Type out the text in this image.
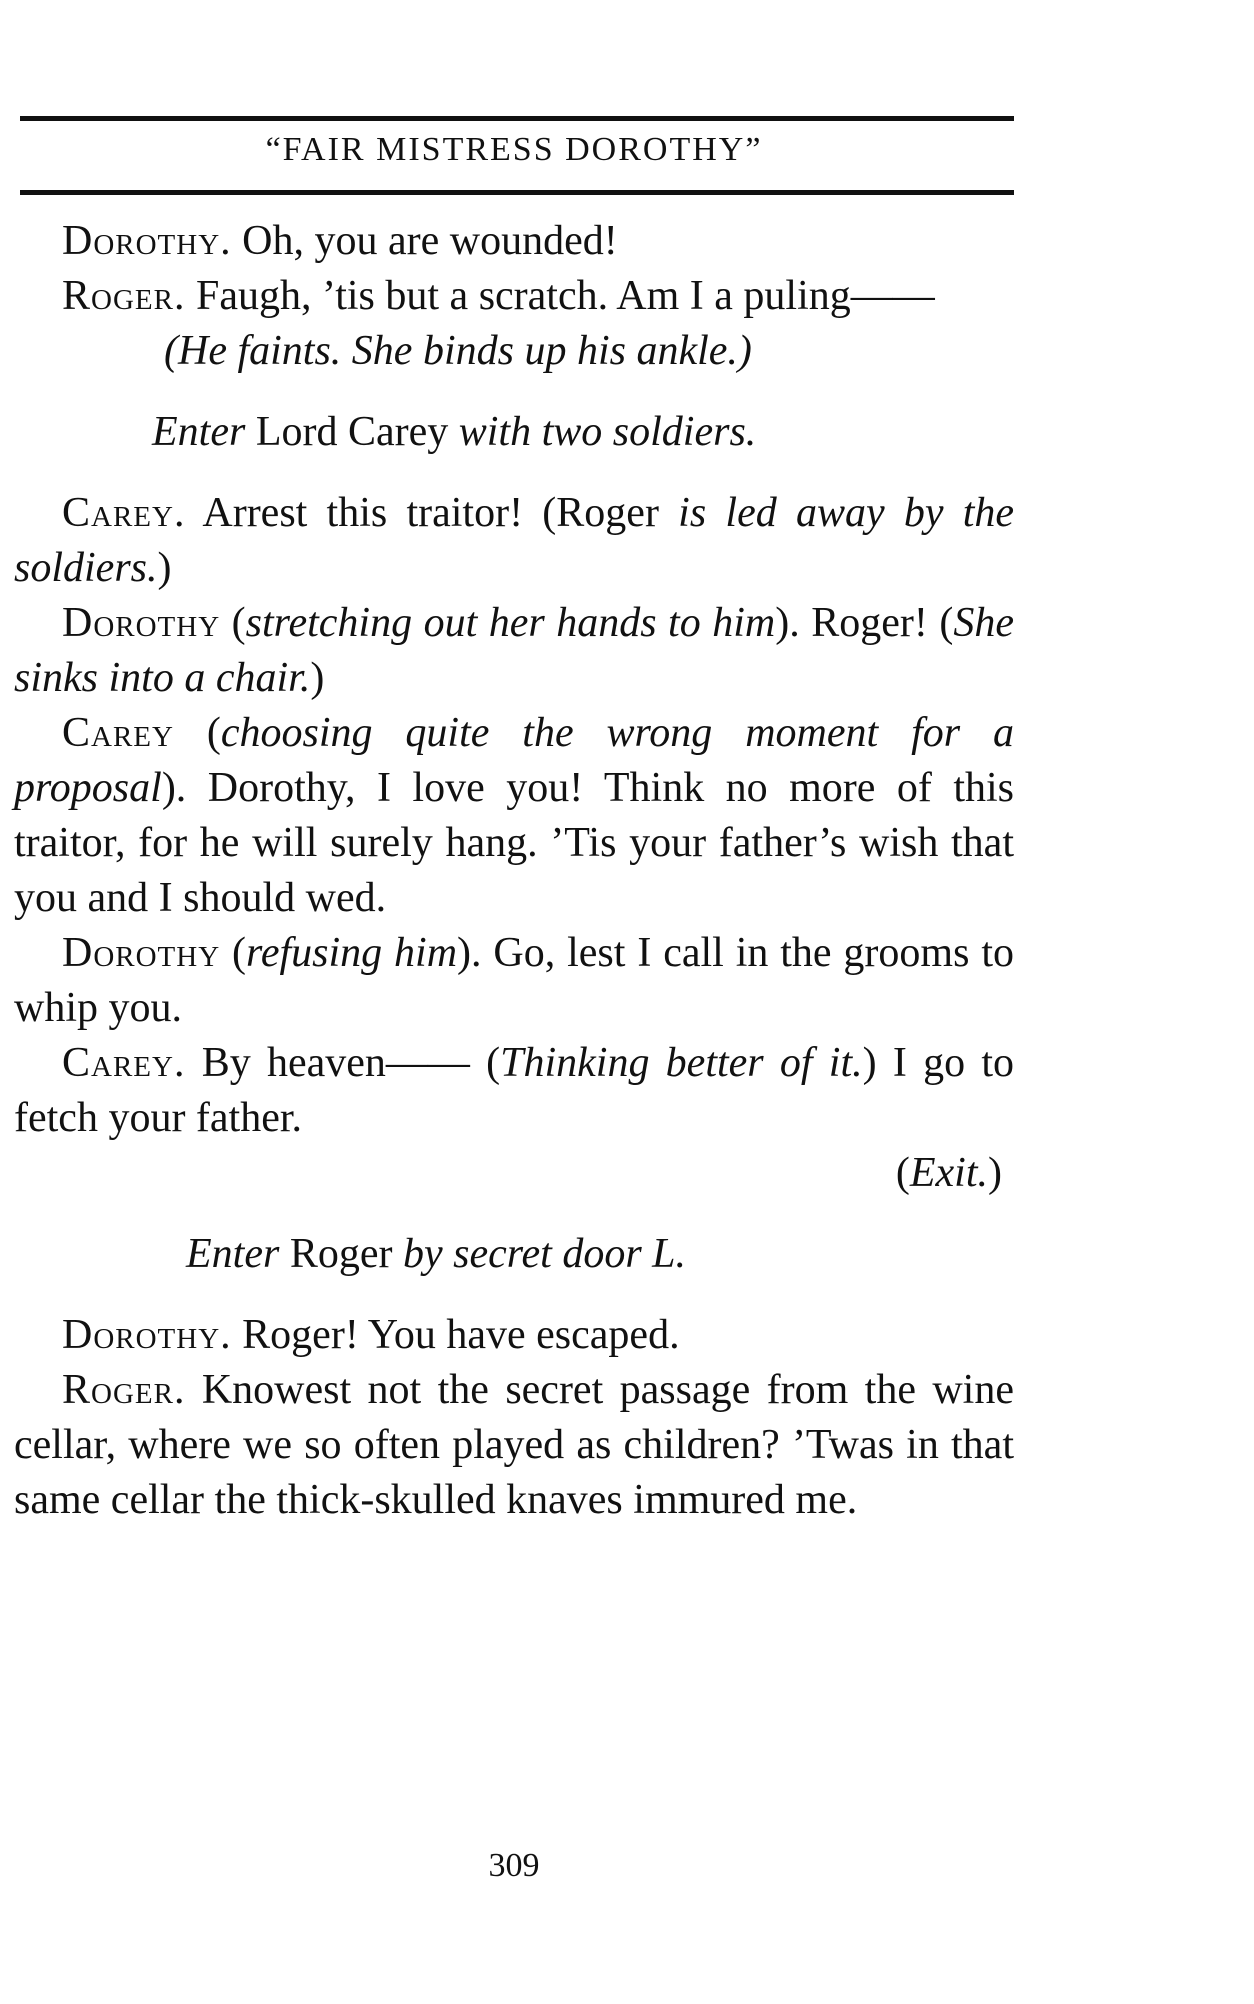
“FAIR MISTRESS DOROTHY”

Dorothy. Oh, you are wounded!

Roger. Faugh, ’tis but a scratch. Am I a puling——

(He faints. She binds up his ankle.)

Enter Lord Carey with two soldiers.

Carey. Arrest this traitor! (Roger is led away by the soldiers.)

Dorothy (stretching out her hands to him). Roger! (She sinks into a chair.)

Carey (choosing quite the wrong moment for a proposal). Dorothy, I love you! Think no more of this traitor, for he will surely hang. ’Tis your father’s wish that you and I should wed.

Dorothy (refusing him). Go, lest I call in the grooms to whip you.

Carey. By heaven—— (Thinking better of it.) I go to fetch your father.

(Exit.)

Enter Roger by secret door L.

Dorothy. Roger! You have escaped.

Roger. Knowest not the secret passage from the wine cellar, where we so often played as children? ’Twas in that same cellar the thick-skulled knaves immured me.

309
